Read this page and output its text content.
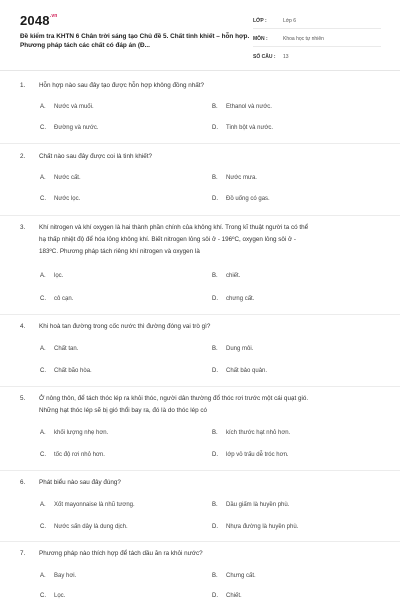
$2048^{.vn}$
Đề kiểm tra KHTN 6 Chân trời sáng tạo Chủ đề 5. Chất tinh khiết – hỗn hợp. Phương pháp tách các chất có đáp án (Đ...
LỚP :	Lớp 6
MÔN :	Khoa học tự nhiên
SỐ CÂU :	13
1. Hỗn hợp nào sau đây tạo được hỗn hợp không đồng nhất?
A. Nước và muối.	B. Ethanol và nước.
C. Đường và nước.	D. Tinh bột và nước.
2. Chất nào sau đây được coi là tinh khiết?
A. Nước cất.	B. Nước mưa.
C. Nước lọc.	D. Đồ uống có gas.
3. Khí nitrogen và khí oxygen là hai thành phần chính của không khí. Trong kĩ thuật người ta có thể
hạ thấp nhiệt độ để hóa lỏng không khí. Biết nitrogen lỏng sôi ở - 196ºC, oxygen lỏng sôi ở -
183ºC. Phương pháp tách riêng khí nitrogen và oxygen là
A. lọc.	B. chiết.
C. cô cạn.	D. chưng cất.
4. Khi hoà tan đường trong cốc nước thì đường đóng vai trò gì?
A. Chất tan.	B. Dung môi.
C. Chất bão hòa.	D. Chất bảo quản.
5. Ở nông thôn, để tách thóc lép ra khỏi thóc, người dân thường đổ thóc rơi trước một cái quạt gió.
Những hạt thóc lép sẽ bị gió thổi bay ra, đó là do thóc lép có
A. khối lượng nhẹ hơn.	B. kích thước hạt nhỏ hơn.
C. tốc độ rơi nhỏ hơn.	D. lớp vỏ trấu dễ tróc hơn.
6. Phát biểu nào sau đây đúng?
A. Xốt mayonnaise là nhũ tương.	B. Dầu giấm là huyền phù.
C. Nước sấn dây là dung dịch.	D. Nhựa đường là huyền phù.
7. Phương pháp nào thích hợp để tách dầu ăn ra khỏi nước?
A. Bay hơi.	B. Chưng cất.
C. Lọc.	D. Chiết.
